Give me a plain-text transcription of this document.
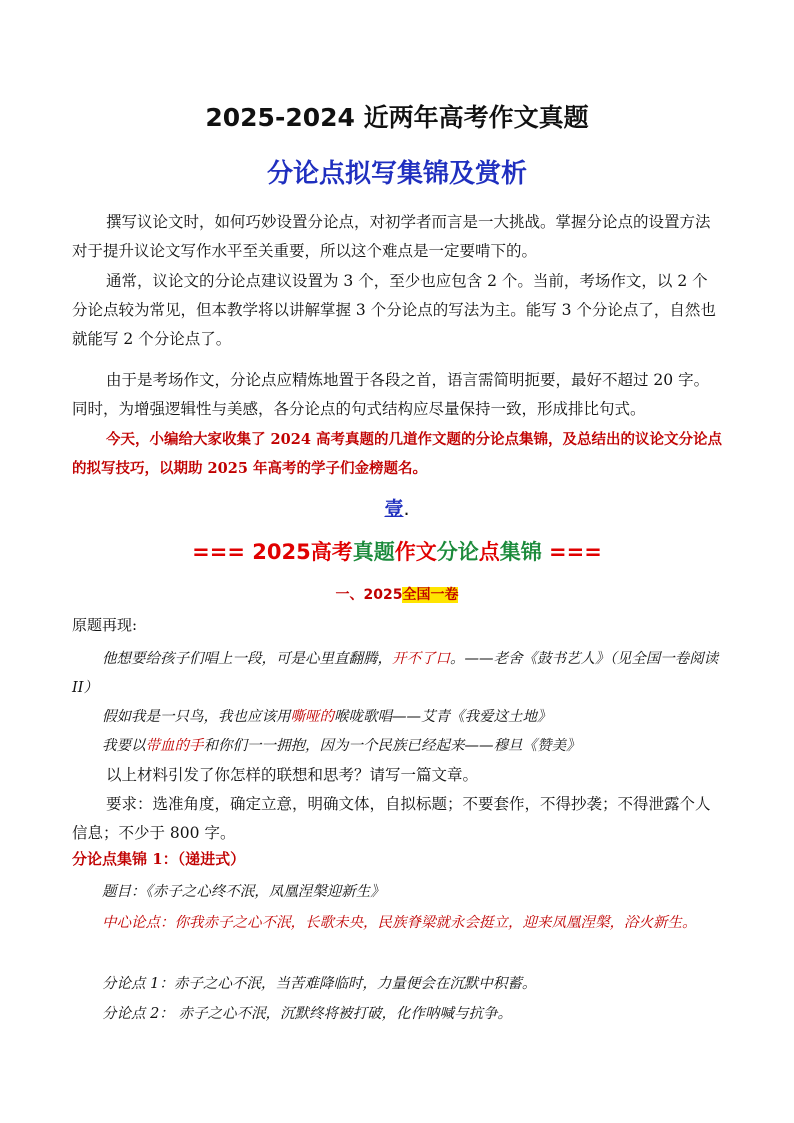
2025-2024 近两年高考作文真题
分论点拟写集锦及赏析
撰写议论文时，如何巧妙设置分论点，对初学者而言是一大挑战。掌握分论点的设置方法对于提升议论文写作水平至关重要，所以这个难点是一定要啃下的。
通常，议论文的分论点建议设置为 3 个，至少也应包含 2 个。当前，考场作文，以 2 个分论点较为常见，但本教学将以讲解掌握 3 个分论点的写法为主。能写 3 个分论点了，自然也就能写 2 个分论点了。
由于是考场作文，分论点应精炼地置于各段之首，语言需简明扼要，最好不超过 20 字。同时，为增强逻辑性与美感，各分论点的句式结构应尽量保持一致，形成排比句式。
今天，小编给大家收集了 2024 高考真题的几道作文题的分论点集锦，及总结出的议论文分论点的拟写技巧，以期助 2025 年高考的学子们金榜题名。
壹.
=== 2025高考真题作文分论点集锦 ===
一、2025全国一卷
原题再现:
他想要给孩子们唱上一段，可是心里直翻腾，开不了口。——老舍《鼓书艺人》（见全国一卷阅读 II）
假如我是一只鸟，我也应该用嘶哑的喉咙歌唱——艾青《我爱这土地》
我要以带血的手和你们一一拥抱，因为一个民族已经起来——穆旦《赞美》
以上材料引发了你怎样的联想和思考？请写一篇文章。
要求：选准角度，确定立意，明确文体，自拟标题；不要套作，不得抄袭；不得泄露个人信息；不少于 800 字。
分论点集锦 1：（递进式）
题目：《赤子之心终不泯，凤凰涅槃迎新生》
中心论点：你我赤子之心不泯，长歌未央，民族脊梁就永会挺立，迎来凤凰涅槃，浴火新生。
分论点 1：赤子之心不泯，当苦难降临时，力量便会在沉默中积蓄。
分论点 2： 赤子之心不泯，沉默终将被打破，化作呐喊与抗争。
